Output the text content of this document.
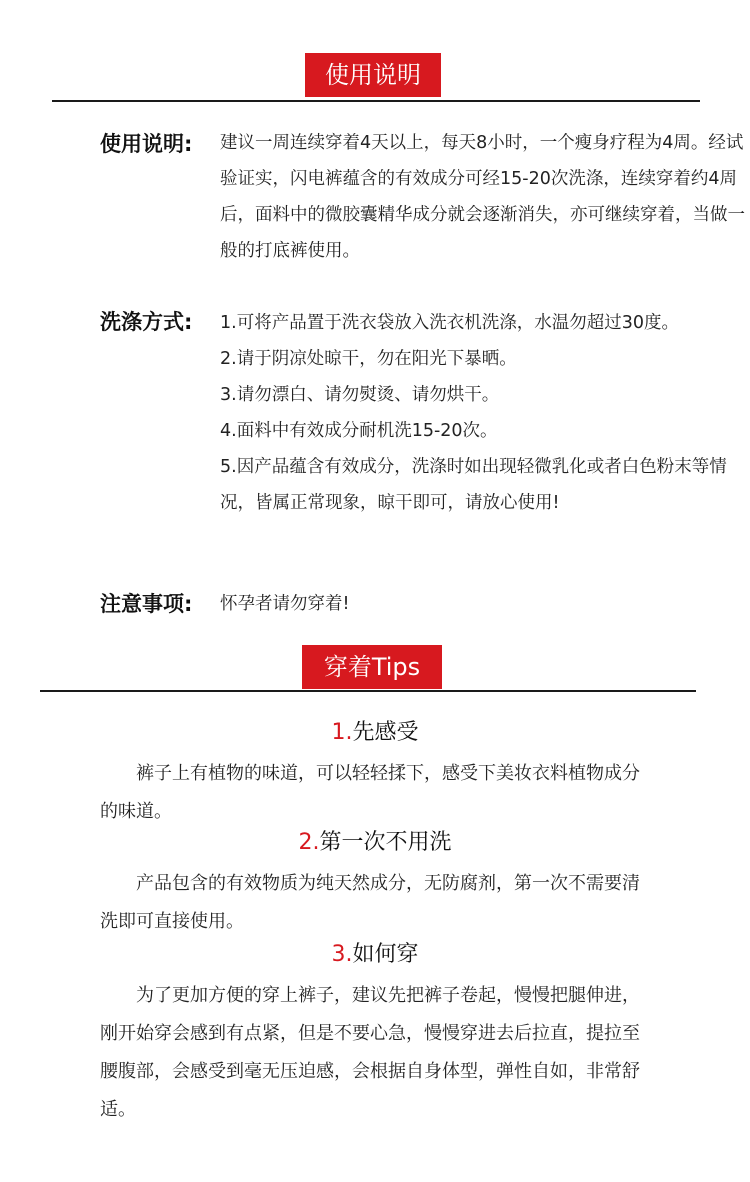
使用说明
使用说明: 建议一周连续穿着4天以上，每天8小时，一个瘦身疗程为4周。经试验证实，闪电裤蕴含的有效成分可经15-20次洗涤，连续穿着约4周后，面料中的微胶囊精华成分就会逐渐消失，亦可继续穿着，当做一般的打底裤使用。
洗涤方式: 1.可将产品置于洗衣袋放入洗衣机洗涤，水温勿超过30度。

2.请于阴凉处晾干，勿在阳光下暴晒。

3.请勿漂白、请勿熨烫、请勿烘干。

4.面料中有效成分耐机洗15-20次。

5.因产品蕴含有效成分，洗涤时如出现轻微乳化或者白色粉末等情况，皆属正常现象，晾干即可，请放心使用!

注意事项: 怀孕者请勿穿着!
穿着Tips
1.先感受
裤子上有植物的味道，可以轻轻揉下，感受下美妆衣料植物成分的味道。
2.第一次不用洗
产品包含的有效物质为纯天然成分，无防腐剂，第一次不需要清洗即可直接使用。
3.如何穿
为了更加方便的穿上裤子，建议先把裤子卷起，慢慢把腿伸进，刚开始穿会感到有点紧，但是不要心急，慢慢穿进去后拉直，提拉至腰腹部，会感受到毫无压迫感，会根据自身体型，弹性自如，非常舒适。
